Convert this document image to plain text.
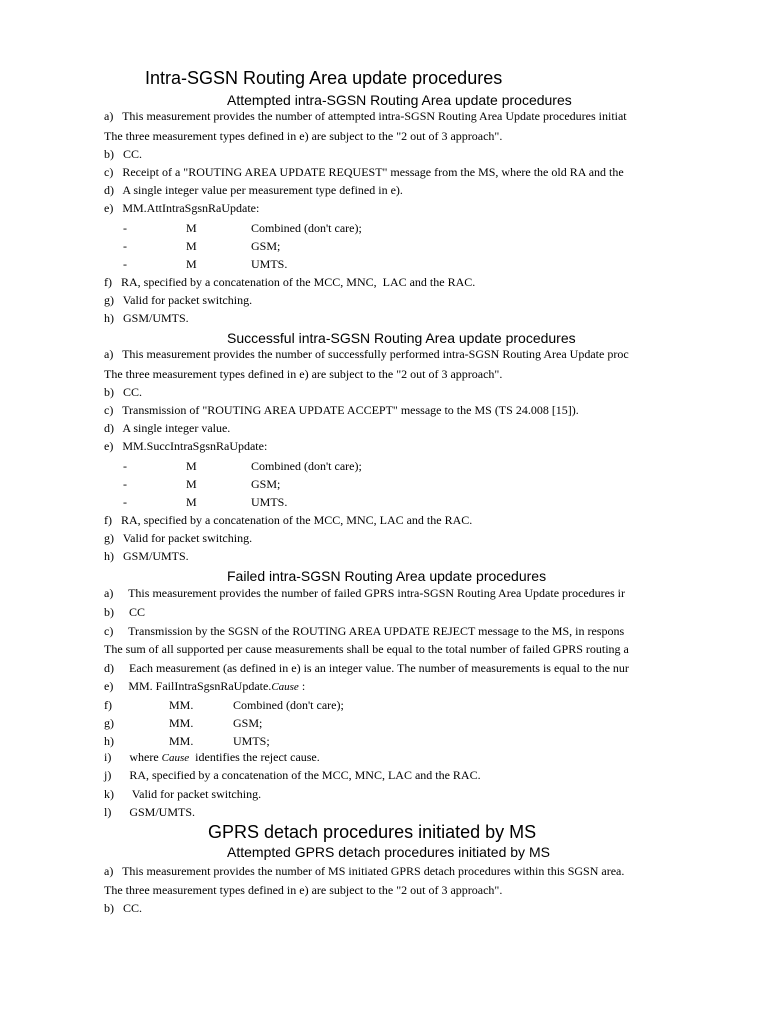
Intra-SGSN Routing Area update procedures
Attempted intra-SGSN Routing Area update procedures
a)   This measurement provides the number of attempted intra-SGSN Routing Area Update procedures initiat
The three measurement types defined in e) are subject to the "2 out of 3 approach".
b)   CC.
c)   Receipt of a "ROUTING AREA UPDATE REQUEST" message from the MS, where the old RA and the
d)   A single integer value per measurement type defined in e).
e)   MM.AttIntraSgsnRaUpdate:
-	M	Combined (don't care);
-	M	GSM;
-	M	UMTS.
f)   RA, specified by a concatenation of the MCC, MNC,  LAC and the RAC.
g)   Valid for packet switching.
h)   GSM/UMTS.
Successful intra-SGSN Routing Area update procedures
a)   This measurement provides the number of successfully performed intra-SGSN Routing Area Update proc
The three measurement types defined in e) are subject to the "2 out of 3 approach".
b)   CC.
c)   Transmission of "ROUTING AREA UPDATE ACCEPT" message to the MS (TS 24.008 [15]).
d)   A single integer value.
e)   MM.SuccIntraSgsnRaUpdate:
-	M	Combined (don't care);
-	M	GSM;
-	M	UMTS.
f)   RA, specified by a concatenation of the MCC, MNC, LAC and the RAC.
g)   Valid for packet switching.
h)   GSM/UMTS.
Failed intra-SGSN Routing Area update procedures
a)     This measurement provides the number of failed GPRS intra-SGSN Routing Area Update procedures ir
b)     CC
c)     Transmission by the SGSN of the ROUTING AREA UPDATE REJECT message to the MS, in respons
The sum of all supported per cause measurements shall be equal to the total number of failed GPRS routing a
d)     Each measurement (as defined in e) is an integer value. The number of measurements is equal to the nur
e)     MM. FailIntraSgsnRaUpdate.Cause :
f)	MM.	Combined (don't care);
g)	MM.	GSM;
h)	MM.	UMTS;
i)      where Cause  identifies the reject cause.
j)      RA, specified by a concatenation of the MCC, MNC, LAC and the RAC.
k)      Valid for packet switching.
l)      GSM/UMTS.
GPRS detach procedures initiated by MS
Attempted GPRS detach procedures initiated by MS
a)   This measurement provides the number of MS initiated GPRS detach procedures within this SGSN area.
The three measurement types defined in e) are subject to the "2 out of 3 approach".
b)   CC.
